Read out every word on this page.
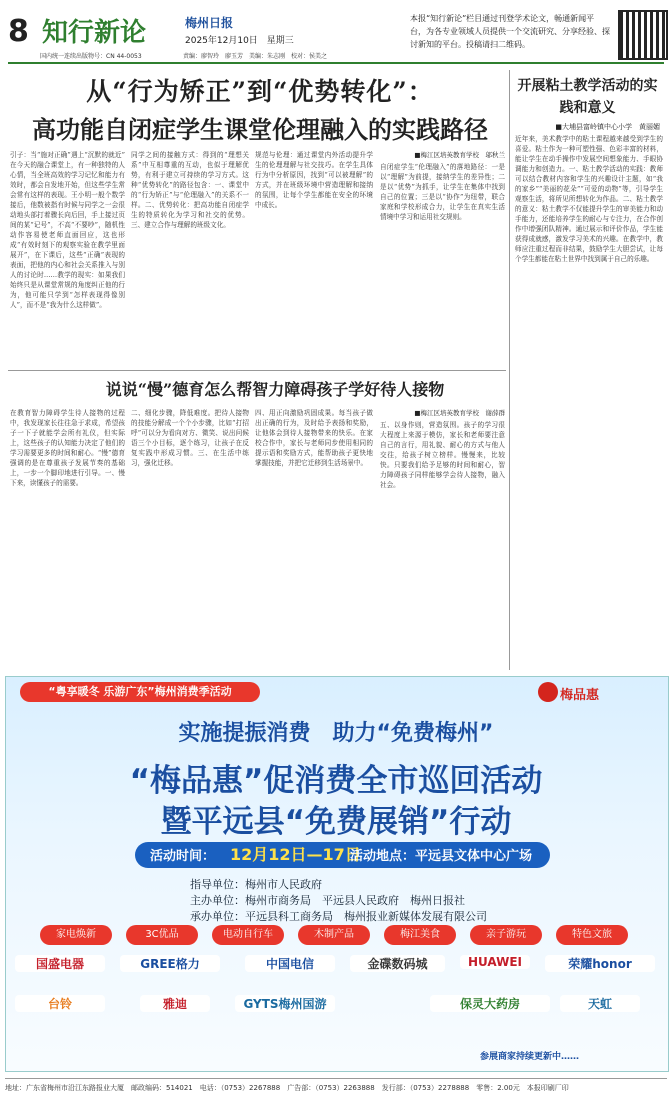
8 知行新论	梅州日报
2025年12月10日　星期三
国内统一连续出版物号：CN 44-0053	责编：廖智玲　廖玉芳　美编：朱志刚　校对：侯美之
本报“知行新论”栏目通过刊登学术论文，畅通新闻平台，为各专业领域人员提供一个交流研究、分享经验、探讨新知的平台。投稿请扫二维码。
从“行为矫正”到“优势转化”：
高功能自闭症学生课堂伦理融入的实践路径

引子：当“施对正确”遇上“沉默的就近”　在今天的融合课堂上，有一种独特的人心情，当全班高效的学习记忆和能力有效时，都会自发地开始，但这些学生常会常有这样的表现。王小明一般个数学接后，他数被指有时候与同学之一会很动地头部打着骤长向后回，手上接过页间的某“记号”，不高“不要吵”，随机性动作容易使老师直面回应，这也形成“有效时刻下的观察实验在教学里面展开”，在下课后，这些“正确”表现的表面，把他的内心和社会关系推入与别人的讨论时……教学的现实：如果我们始终只是从课堂常规的角度纠正他的行为，他可能只学到“怎样表现得像别人”，而不是“我为什么这样做”。

同学之间的接触方式：得到的“理想关系”中互相尊重的互动，也似于理解优势，有利于建立可持续的学习方式。这种“优势转化”的路径包含：一、课堂中的“行为矫正”与“伦理融入”的关系不一样。二、优势转化：把高功能自闭症学生的特质转化为学习和社交的优势。三、建立合作与理解的班级文化。

规范与伦理：通过课堂内外活动提升学生的伦理理解与社交技巧。在学生具体行为中分析原因，找到“可以被理解”的方式，并在班级环境中营造理解和接纳的氛围，让每个学生都能在安全的环境中成长。

■梅江区培英教育学校　邬秋兰

自闭症学生“伦理融入”的落地路径：一是以“理解”为前提，接纳学生的差异性；二是以“优势”为抓手，让学生在集体中找到自己的位置；三是以“协作”为纽带，联合家庭和学校形成合力，让学生在真实生活情境中学习和运用社交规则。

说说“慢”德育怎么帮智力障碍孩子学好待人接物

在教育智力障碍学生待人接物的过程中，我发现家长往往急于求成，希望孩子一下子就能学会所有礼仪，但实际上，这些孩子的认知能力决定了他们的学习需要更多的时间和耐心。“慢”德育强调的是在尊重孩子发展节奏的基础上，一步一个脚印地进行引导。一、慢下来，读懂孩子的需要。

二、细化步骤，降低难度。把待人接物的技能分解成一个个小步骤，比如“打招呼”可以分为看向对方、微笑、说出问候语三个小目标，逐个练习，让孩子在反复实践中形成习惯。三、在生活中练习，强化迁移。

四、用正向激励巩固成果。每当孩子做出正确的行为，及时给予表扬和奖励，让他体会到待人接物带来的快乐。在家校合作中，家长与老师同步使用相同的提示语和奖励方式，能帮助孩子更快地掌握技能，并把它迁移到生活场景中。

■梅江区培英教育学校　谢薛群

五、以身作则，营造氛围。孩子的学习很大程度上来源于模仿，家长和老师要注意自己的言行，用礼貌、耐心的方式与他人交往，给孩子树立榜样。慢慢来，比较快。只要我们给予足够的时间和耐心，智力障碍孩子同样能够学会待人接物，融入社会。

开展粘土教学活动的实践和意义
■大埔县富岭镇中心小学　黄丽媚

近年来，美术教学中的粘土课程越来越受到学生的喜爱。粘土作为一种可塑性强、色彩丰富的材料，能让学生在动手操作中发展空间想象能力、手眼协调能力和创造力。一、粘土教学活动的实践：教师可以结合教材内容和学生的兴趣设计主题，如“我的家乡”“美丽的花朵”“可爱的动物”等，引导学生观察生活，将所见所想转化为作品。二、粘土教学的意义：粘土教学不仅能提升学生的审美能力和动手能力，还能培养学生的耐心与专注力，在合作创作中增强团队精神。通过展示和评价作品，学生能获得成就感，激发学习美术的兴趣。在教学中，教师应注重过程而非结果，鼓励学生大胆尝试，让每个学生都能在粘土世界中找到属于自己的乐趣。

“粤享暖冬 乐游广东”梅州消费季活动	梅品惠
实施提振消费　助力“免费梅州”
“梅品惠”促消费全市巡回活动
暨平远县“免费展销”行动
活动时间： 12月12日—17日
活动地点：平远县文体中心广场
指导单位：梅州市人民政府
主办单位：梅州市商务局　平远县人民政府　梅州日报社
承办单位：平远县科工商务局　梅州报业新媒体发展有限公司
家电焕新	3C优品	电动自行车	木制产品	梅江美食	亲子游玩	特色文旅
GREE格力	中国电信	金碟数码城	HUAWEI	荣耀honor
国盛电器
台铃	雅迪	GYTS梅州国游	保灵大药房	天虹
参展商家持续更新中……
地址：广东省梅州市沿江东路报业大厦　邮政编码：514021　电话：（0753）2267888　广告部：（0753）2263888　发行部：（0753）2278888　零售：2.00元　本报印刷厂印
